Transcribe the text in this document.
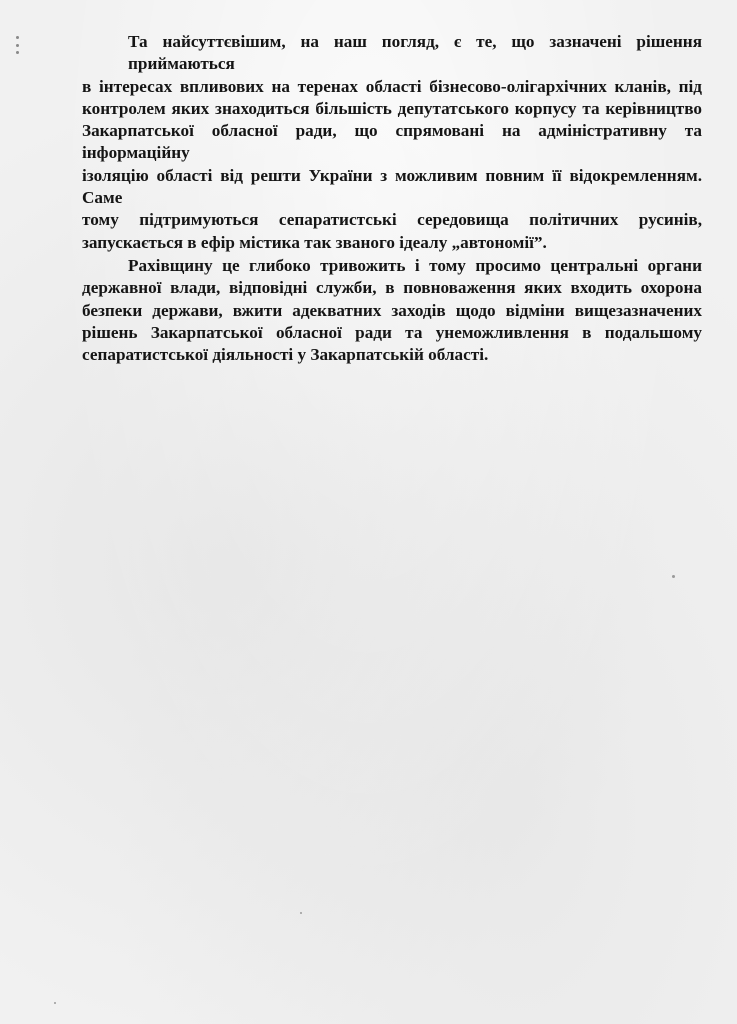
Та найсуттєвішим, на наш погляд, є те, що зазначені рішення приймаються
в інтересах впливових на теренах області бізнесово-олігархічних кланів, під
контролем яких знаходиться більшість депутатського корпусу та керівництво
Закарпатської обласної ради, що спрямовані на адміністративну та інформаційну
ізоляцію області від решти України з можливим повним її відокремленням. Саме
тому підтримуються сепаратистські середовища політичних русинів,
запускається в ефір містика так званого ідеалу „автономії”.

Рахівщину це глибоко тривожить і тому просимо центральні органи
державної влади, відповідні служби, в повноваження яких входить охорона
безпеки держави, вжити адекватних заходів щодо відміни вищезазначених
рішень Закарпатської обласної ради та унеможливлення в подальшому
сепаратистської діяльності у Закарпатській області.
